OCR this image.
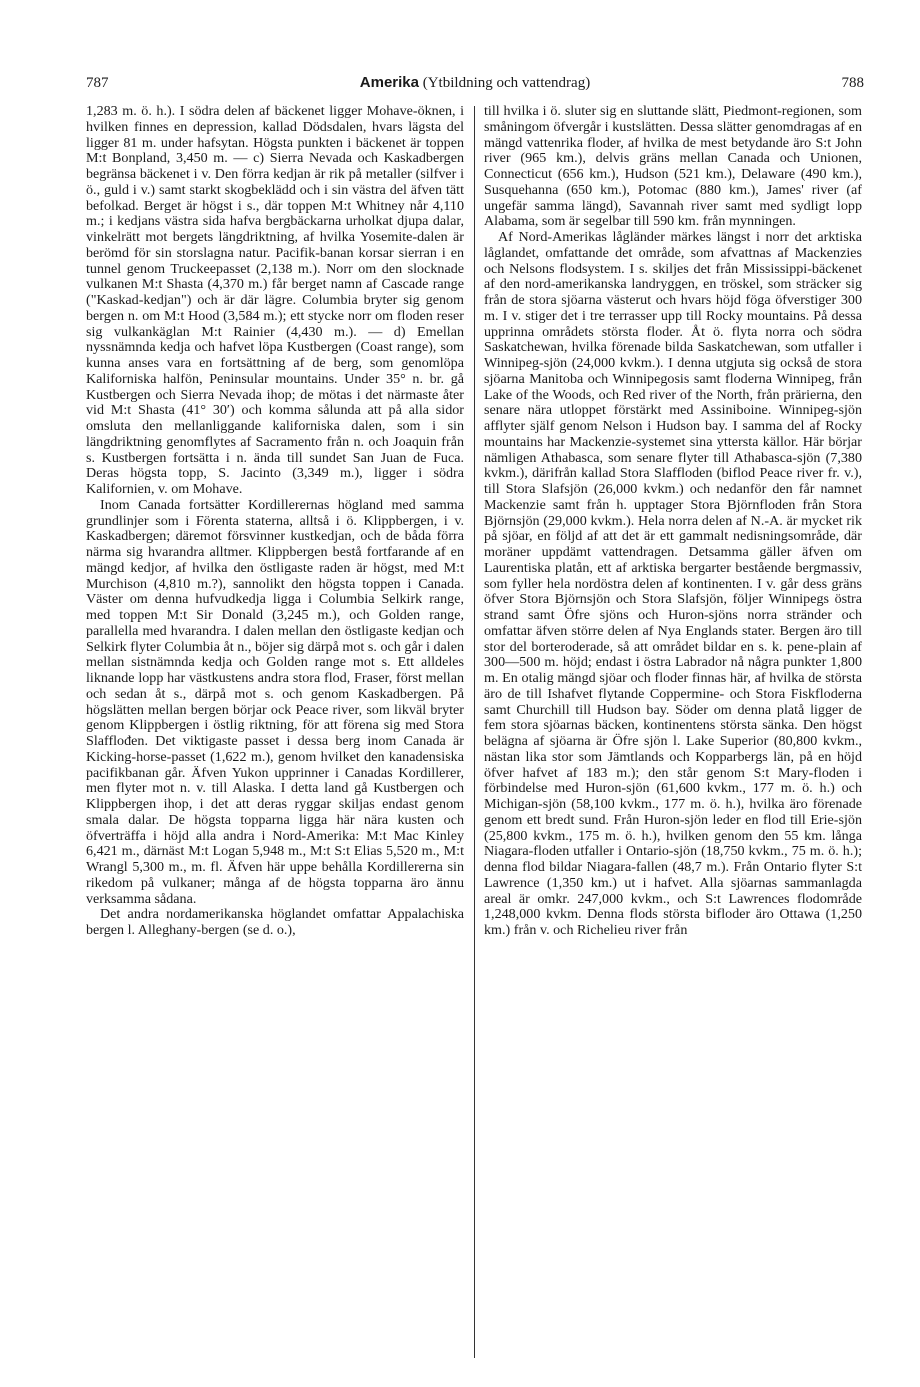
787	Amerika (Ytbildning och vattendrag)	788

1,283 m. ö. h.). I södra delen af bäckenet ligger Mohave-öknen, i hvilken finnes en depression, kallad Dödsdalen, hvars lägsta del ligger 81 m. under hafsytan. Högsta punkten i bäckenet är toppen M:t Bonpland, 3,450 m. — c) Sierra Nevada och Kaskadbergen begränsa bäckenet i v. Den förra kedjan är rik på metaller (silfver i ö., guld i v.) samt starkt skogbeklädd och i sin västra del äfven tätt befolkad. Berget är högst i s., där toppen M:t Whitney når 4,110 m.; i kedjans västra sida hafva bergbäckarna urholkat djupa dalar, vinkelrätt mot bergets längdriktning, af hvilka Yosemite-dalen är berömd för sin storslagna natur. Pacifik-banan korsar sierran i en tunnel genom Truckeepasset (2,138 m.). Norr om den slocknade vulkanen M:t Shasta (4,370 m.) får berget namn af Cascade range ("Kaskad-kedjan") och är där lägre. Columbia bryter sig genom bergen n. om M:t Hood (3,584 m.); ett stycke norr om floden reser sig vulkankäglan M:t Rainier (4,430 m.). — d) Emellan nyssnämnda kedja och hafvet löpa Kustbergen (Coast range), som kunna anses vara en fortsättning af de berg, som genomlöpa Kaliforniska halfön, Peninsular mountains. Under 35° n. br. gå Kustbergen och Sierra Nevada ihop; de mötas i det närmaste åter vid M:t Shasta (41° 30′) och komma sålunda att på alla sidor omsluta den mellanliggande kaliforniska dalen, som i sin längdriktning genomflytes af Sacramento från n. och Joaquin från s. Kustbergen fortsätta i n. ända till sundet San Juan de Fuca. Deras högsta topp, S. Jacinto (3,349 m.), ligger i södra Kalifornien, v. om Mohave.

Inom Canada fortsätter Kordillerernas högland med samma grundlinjer som i Förenta staterna, alltså i ö. Klippbergen, i v. Kaskadbergen; däremot försvinner kustkedjan, och de båda förra närma sig hvarandra alltmer. Klippbergen bestå fortfarande af en mängd kedjor, af hvilka den östligaste raden är högst, med M:t Murchison (4,810 m.?), sannolikt den högsta toppen i Canada. Väster om denna hufvudkedja ligga i Columbia Selkirk range, med toppen M:t Sir Donald (3,245 m.), och Golden range, parallella med hvarandra. I dalen mellan den östligaste kedjan och Selkirk flyter Columbia åt n., böjer sig därpå mot s. och går i dalen mellan sistnämnda kedja och Golden range mot s. Ett alldeles liknande lopp har västkustens andra stora flod, Fraser, först mellan och sedan åt s., därpå mot s. och genom Kaskadbergen. På högslätten mellan bergen börjar ock Peace river, som likväl bryter genom Klippbergen i östlig riktning, för att förena sig med Stora Slafflođen. Det viktigaste passet i dessa berg inom Canada är Kicking-horse-passet (1,622 m.), genom hvilket den kanadensiska pacifikbanan går. Äfven Yukon upprinner i Canadas Kordillerer, men flyter mot n. v. till Alaska. I detta land gå Kustbergen och Klippbergen ihop, i det att deras ryggar skiljas endast genom smala dalar. De högsta topparna ligga här nära kusten och öfverträffa i höjd alla andra i Nord-Amerika: M:t Mac Kinley 6,421 m., därnäst M:t Logan 5,948 m., M:t S:t Elias 5,520 m., M:t Wrangl 5,300 m., m. fl. Äfven här uppe behålla Kordillererna sin rikedom på vulkaner; många af de högsta topparna äro ännu verksamma sådana.

Det andra nordamerikanska höglandet omfattar Appalachiska bergen l. Alleghany-bergen (se d. o.),

till hvilka i ö. sluter sig en sluttande slätt, Piedmont-regionen, som småningom öfvergår i kustslätten. Dessa slätter genomdragas af en mängd vattenrika floder, af hvilka de mest betydande äro S:t John river (965 km.), delvis gräns mellan Canada och Unionen, Connecticut (656 km.), Hudson (521 km.), Delaware (490 km.), Susquehanna (650 km.), Potomac (880 km.), James' river (af ungefär samma längd), Savannah river samt med sydligt lopp Alabama, som är segelbar till 590 km. från mynningen.

Af Nord-Amerikas lågländer märkes längst i norr det arktiska låglandet, omfattande det område, som afvattnas af Mackenzies och Nelsons flodsystem. I s. skiljes det från Mississippi-bäckenet af den nord-amerikanska landryggen, en tröskel, som sträcker sig från de stora sjöarna västerut och hvars höjd föga öfverstiger 300 m. I v. stiger det i tre terrasser upp till Rocky mountains. På dessa upprinna områdets största floder. Åt ö. flyta norra och södra Saskatchewan, hvilka förenade bilda Saskatchewan, som utfaller i Winnipeg-sjön (24,000 kvkm.). I denna utgjuta sig också de stora sjöarna Manitoba och Winnipegosis samt floderna Winnipeg, från Lake of the Woods, och Red river of the North, från prärierna, den senare nära utloppet förstärkt med Assiniboine. Winnipeg-sjön afflyter själf genom Nelson i Hudson bay. I samma del af Rocky mountains har Mackenzie-systemet sina yttersta källor. Här börjar nämligen Athabasca, som senare flyter till Athabasca-sjön (7,380 kvkm.), därifrån kallad Stora Slaffloden (biflod Peace river fr. v.), till Stora Slafsjön (26,000 kvkm.) och nedanför den får namnet Mackenzie samt från h. upptager Stora Björnfloden från Stora Björnsjön (29,000 kvkm.). Hela norra delen af N.-A. är mycket rik på sjöar, en följd af att det är ett gammalt nedisningsområde, där moräner uppdämt vattendragen. Detsamma gäller äfven om Laurentiska platån, ett af arktiska bergarter bestående bergmassiv, som fyller hela nordöstra delen af kontinenten. I v. går dess gräns öfver Stora Björnsjön och Stora Slafsjön, följer Winnipegs östra strand samt Öfre sjöns och Huron-sjöns norra stränder och omfattar äfven större delen af Nya Englands stater. Bergen äro till stor del borteroderade, så att området bildar en s. k. pene-plain af 300—500 m. höjd; endast i östra Labrador nå några punkter 1,800 m. En otalig mängd sjöar och floder finnas här, af hvilka de största äro de till Ishafvet flytande Coppermine- och Stora Fiskfloderna samt Churchill till Hudson bay. Söder om denna platå ligger de fem stora sjöarnas bäcken, kontinentens största sänka. Den högst belägna af sjöarna är Öfre sjön l. Lake Superior (80,800 kvkm., nästan lika stor som Jämtlands och Kopparbergs län, på en höjd öfver hafvet af 183 m.); den står genom S:t Mary-floden i förbindelse med Huron-sjön (61,600 kvkm., 177 m. ö. h.) och Michigan-sjön (58,100 kvkm., 177 m. ö. h.), hvilka äro förenade genom ett bredt sund. Från Huron-sjön leder en flod till Erie-sjön (25,800 kvkm., 175 m. ö. h.), hvilken genom den 55 km. långa Niagara-floden utfaller i Ontario-sjön (18,750 kvkm., 75 m. ö. h.); denna flod bildar Niagara-fallen (48,7 m.). Från Ontario flyter S:t Lawrence (1,350 km.) ut i hafvet. Alla sjöarnas sammanlagda areal är omkr. 247,000 kvkm., och S:t Lawrences flodområde 1,248,000 kvkm. Denna flods största bifloder äro Ottawa (1,250 km.) från v. och Richelieu river från
